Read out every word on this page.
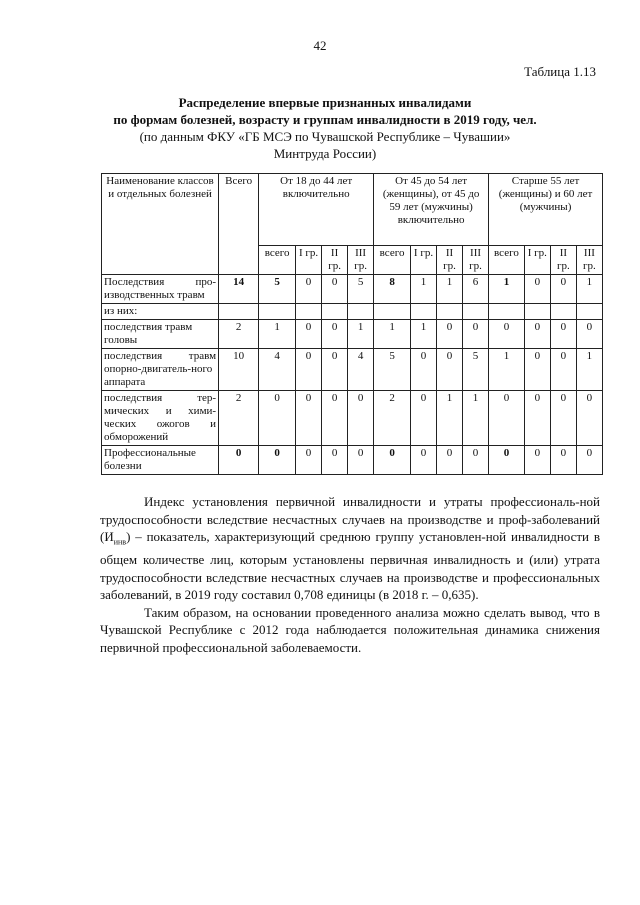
42
Таблица 1.13
Распределение впервые признанных инвалидами
по формам болезней, возрасту и группам инвалидности в 2019 году, чел.
(по данным ФКУ «ГБ МСЭ по Чувашской Республике – Чувашии»
Минтруда России)
Наименование классов и отдельных болезней	Всего	От 18 до 44 лет включительно				От 45 до 54 лет (женщины), от 45 до 59 лет (мужчины) включительно				Старше 55 лет (женщины) и 60 лет (мужчины)			
		всего	I гр.	II гр.	III гр.	всего	I гр.	II гр.	III гр.	всего	I гр.	II гр.	III гр.
Последствия про-изводственных травм	14	5	0	0	5	8	1	1	6	1	0	0	1
из них:													
последствия травм головы	2	1	0	0	1	1	1	0	0	0	0	0	0
последствия травм опорно-двигатель-ного аппарата	10	4	0	0	4	5	0	0	5	1	0	0	1
последствия тер-мических и хими-ческих ожогов и обморожений	2	0	0	0	0	2	0	1	1	0	0	0	0
Профессиональные болезни	0	0	0	0	0	0	0	0	0	0	0	0	0

Индекс установления первичной инвалидности и утраты профессиональ-ной трудоспособности вследствие несчастных случаев на производстве и проф-заболеваний $(И_{инв})$ – показатель, характеризующий среднюю группу установлен-ной инвалидности в общем количестве лиц, которым установлены первичная инвалидность и (или) утрата трудоспособности вследствие несчастных случаев на производстве и профессиональных заболеваний, в 2019 году составил 0,708 единицы (в 2018 г. – 0,635).

Таким образом, на основании проведенного анализа можно сделать вывод, что в Чувашской Республике с 2012 года наблюдается положительная динамика снижения первичной профессиональной заболеваемости.
